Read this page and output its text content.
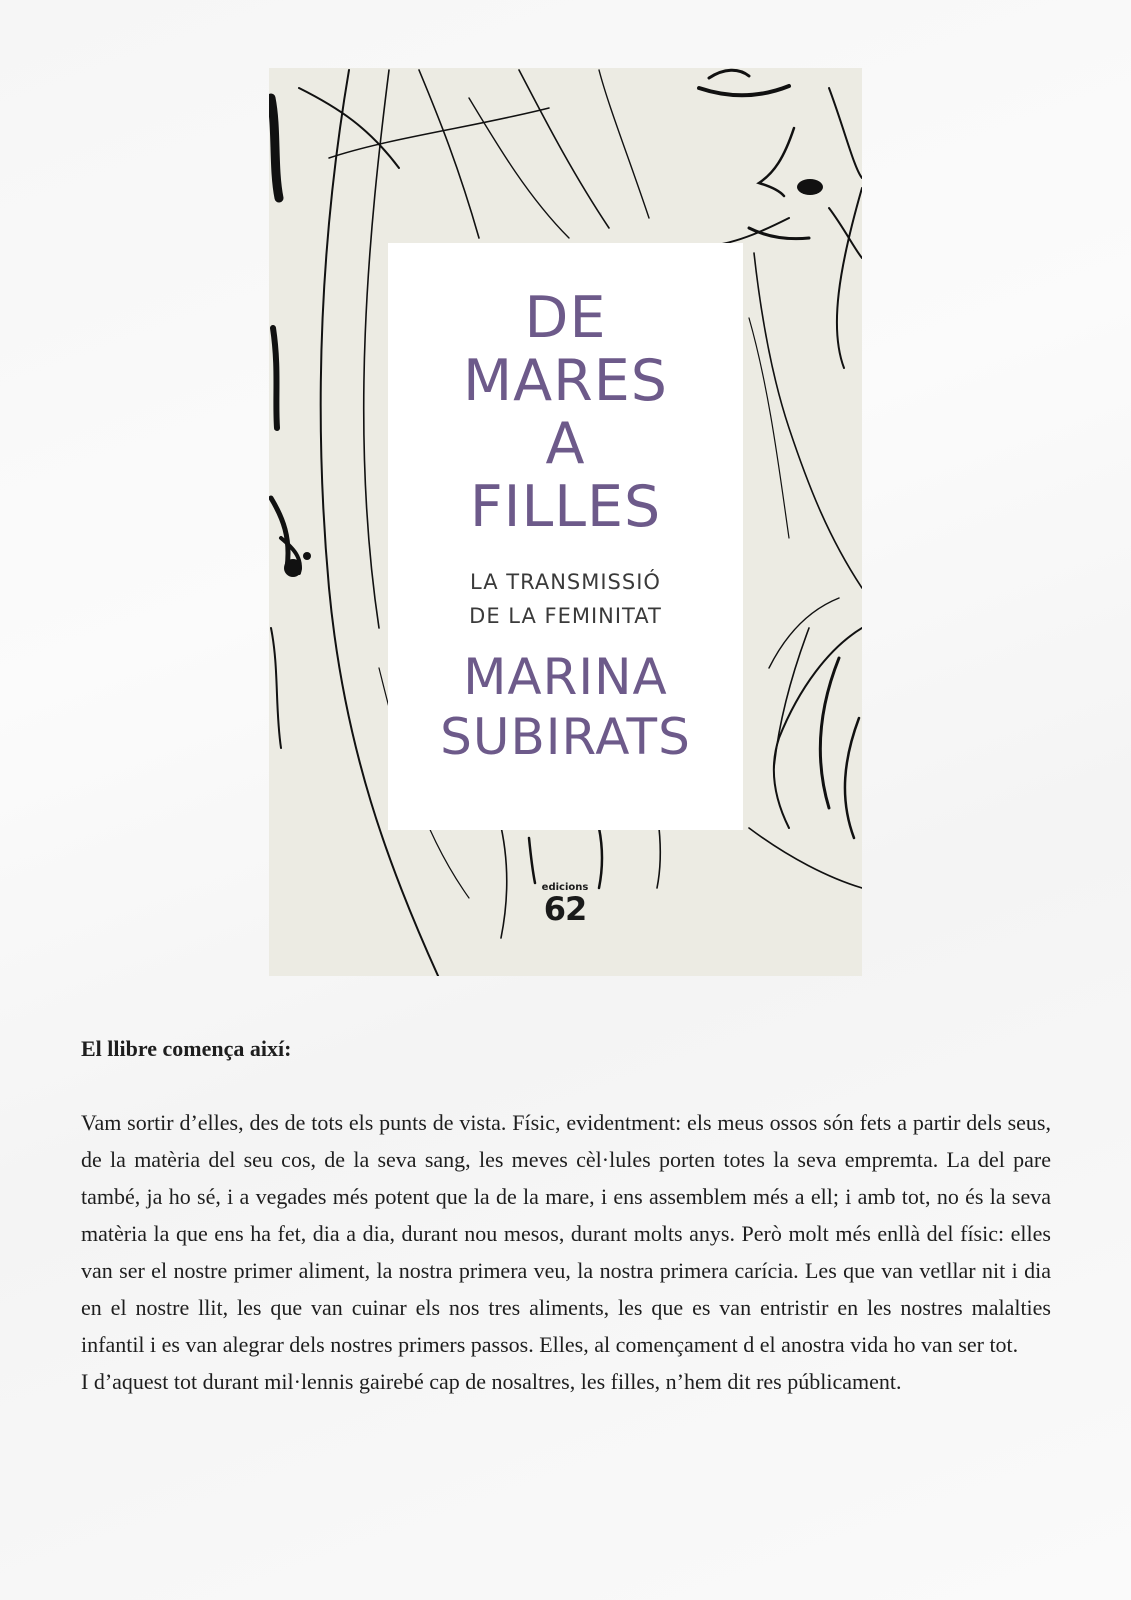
DE
MARES
A
FILLES
LA TRANSMISSIÓ
DE LA FEMINITAT
MARINA
SUBIRATS
edicions
62

El llibre comença així:

Vam sortir d’elles, des de tots els punts de vista. Físic, evidentment: els meus ossos són fets a partir dels seus, de la matèria del seu cos, de la seva sang, les meves cèl·lules porten totes la seva empremta. La del pare també, ja ho sé, i a vegades més potent que la de la mare, i ens assemblem més a ell; i amb tot, no és la seva matèria la que ens ha fet, dia a dia, durant nou mesos, durant molts anys. Però molt més enllà del físic: elles van ser el nostre primer aliment, la nostra primera veu, la nostra primera carícia. Les que van vetllar nit i dia en el nostre llit, les que van cuinar els nos tres aliments, les que es van entristir en les nostres malalties infantil i es van alegrar dels nostres primers passos. Elles, al començament d el anostra vida ho van ser tot.

I d’aquest tot durant mil·lennis gairebé cap de nosaltres, les filles, n’hem dit res públicament.
